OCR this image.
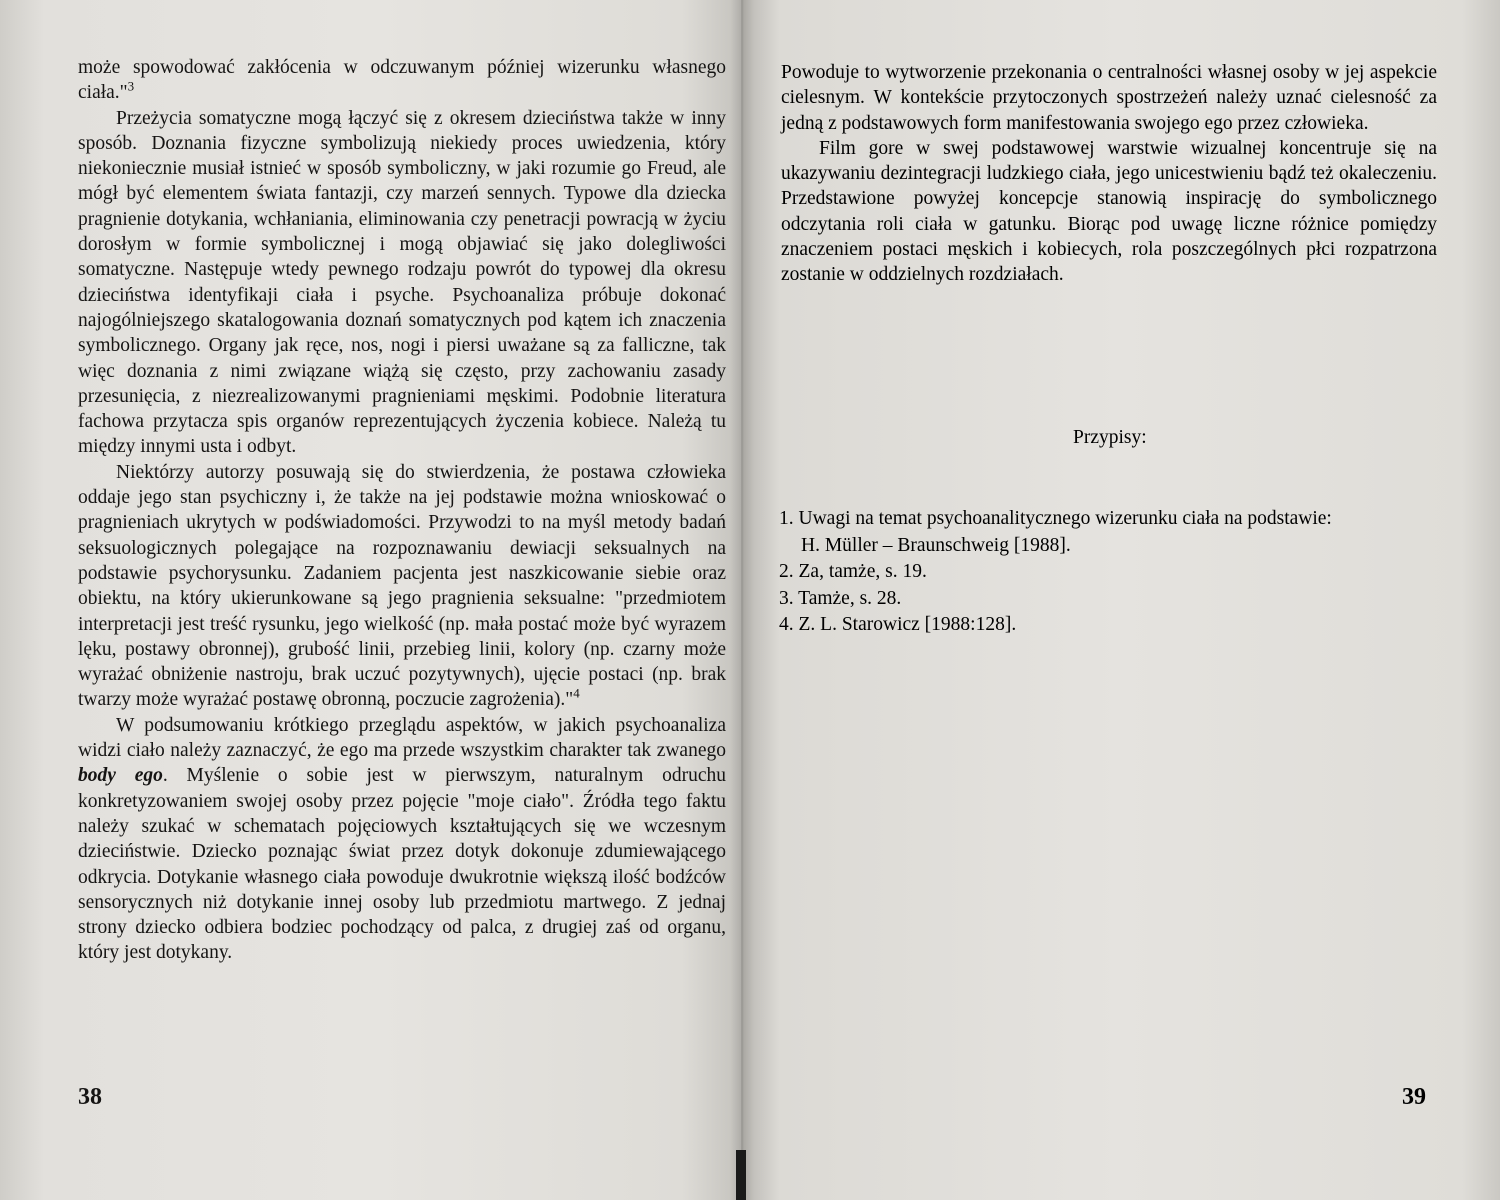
może spowodować zakłócenia w odczuwanym później wizerunku własnego ciała."$^3$

Przeżycia somatyczne mogą łączyć się z okresem dzieciństwa także w inny sposób. Doznania fizyczne symbolizują niekiedy proces uwiedzenia, który niekoniecznie musiał istnieć w sposób symboliczny, w jaki rozumie go Freud, ale mógł być elementem świata fantazji, czy marzeń sennych. Typowe dla dziecka pragnienie dotykania, wchłaniania, eliminowania czy penetracji powracją w życiu dorosłym w formie symbolicznej i mogą objawiać się jako dolegliwości somatyczne. Następuje wtedy pewnego rodzaju powrót do typowej dla okresu dzieciństwa identyfikaji ciała i psyche. Psychoanaliza próbuje dokonać najogólniejszego skatalogowania doznań somatycznych pod kątem ich znaczenia symbolicznego. Organy jak ręce, nos, nogi i piersi uważane są za falliczne, tak więc doznania z nimi związane wiążą się często, przy zachowaniu zasady przesunięcia, z niezrealizowanymi pragnieniami męskimi. Podobnie literatura fachowa przytacza spis organów reprezentujących życzenia kobiece. Należą tu między innymi usta i odbyt.

Niektórzy autorzy posuwają się do stwierdzenia, że postawa człowieka oddaje jego stan psychiczny i, że także na jej podstawie można wnioskować o pragnieniach ukrytych w podświadomości. Przywodzi to na myśl metody badań seksuologicznych polegające na rozpoznawaniu dewiacji seksualnych na podstawie psychorysunku. Zadaniem pacjenta jest naszkicowanie siebie oraz obiektu, na który ukierunkowane są jego pragnienia seksualne: "przedmiotem interpretacji jest treść rysunku, jego wielkość (np. mała postać może być wyrazem lęku, postawy obronnej), grubość linii, przebieg linii, kolory (np. czarny może wyrażać obniżenie nastroju, brak uczuć pozytywnych), ujęcie postaci (np. brak twarzy może wyrażać postawę obronną, poczucie zagrożenia)."$^4$

W podsumowaniu krótkiego przeglądu aspektów, w jakich psychoanaliza widzi ciało należy zaznaczyć, że ego ma przede wszystkim charakter tak zwanego body ego. Myślenie o sobie jest w pierwszym, naturalnym odruchu konkretyzowaniem swojej osoby przez pojęcie "moje ciało". Źródła tego faktu należy szukać w schematach pojęciowych kształtujących się we wczesnym dzieciństwie. Dziecko poznając świat przez dotyk dokonuje zdumiewającego odkrycia. Dotykanie własnego ciała powoduje dwukrotnie większą ilość bodźców sensorycznych niż dotykanie innej osoby lub przedmiotu martwego. Z jednaj strony dziecko odbiera bodziec pochodzący od palca, z drugiej zaś od organu, który jest dotykany.

38

Powoduje to wytworzenie przekonania o centralności własnej osoby w jej aspekcie cielesnym. W kontekście przytoczonych spostrzeżeń należy uznać cielesność za jedną z podstawowych form manifestowania swojego ego przez człowieka.

Film gore w swej podstawowej warstwie wizualnej koncentruje się na ukazywaniu dezintegracji ludzkiego ciała, jego unicestwieniu bądź też okaleczeniu. Przedstawione powyżej koncepcje stanowią inspirację do symbolicznego odczytania roli ciała w gatunku. Biorąc pod uwagę liczne różnice pomiędzy znaczeniem postaci męskich i kobiecych, rola poszczególnych płci rozpatrzona zostanie w oddzielnych rozdziałach.

Przypisy:

1. Uwagi na temat psychoanalitycznego wizerunku ciała na podstawie:

H. Müller – Braunschweig [1988].

2. Za, tamże, s. 19.

3. Tamże, s. 28.

4. Z. L. Starowicz [1988:128].

39
